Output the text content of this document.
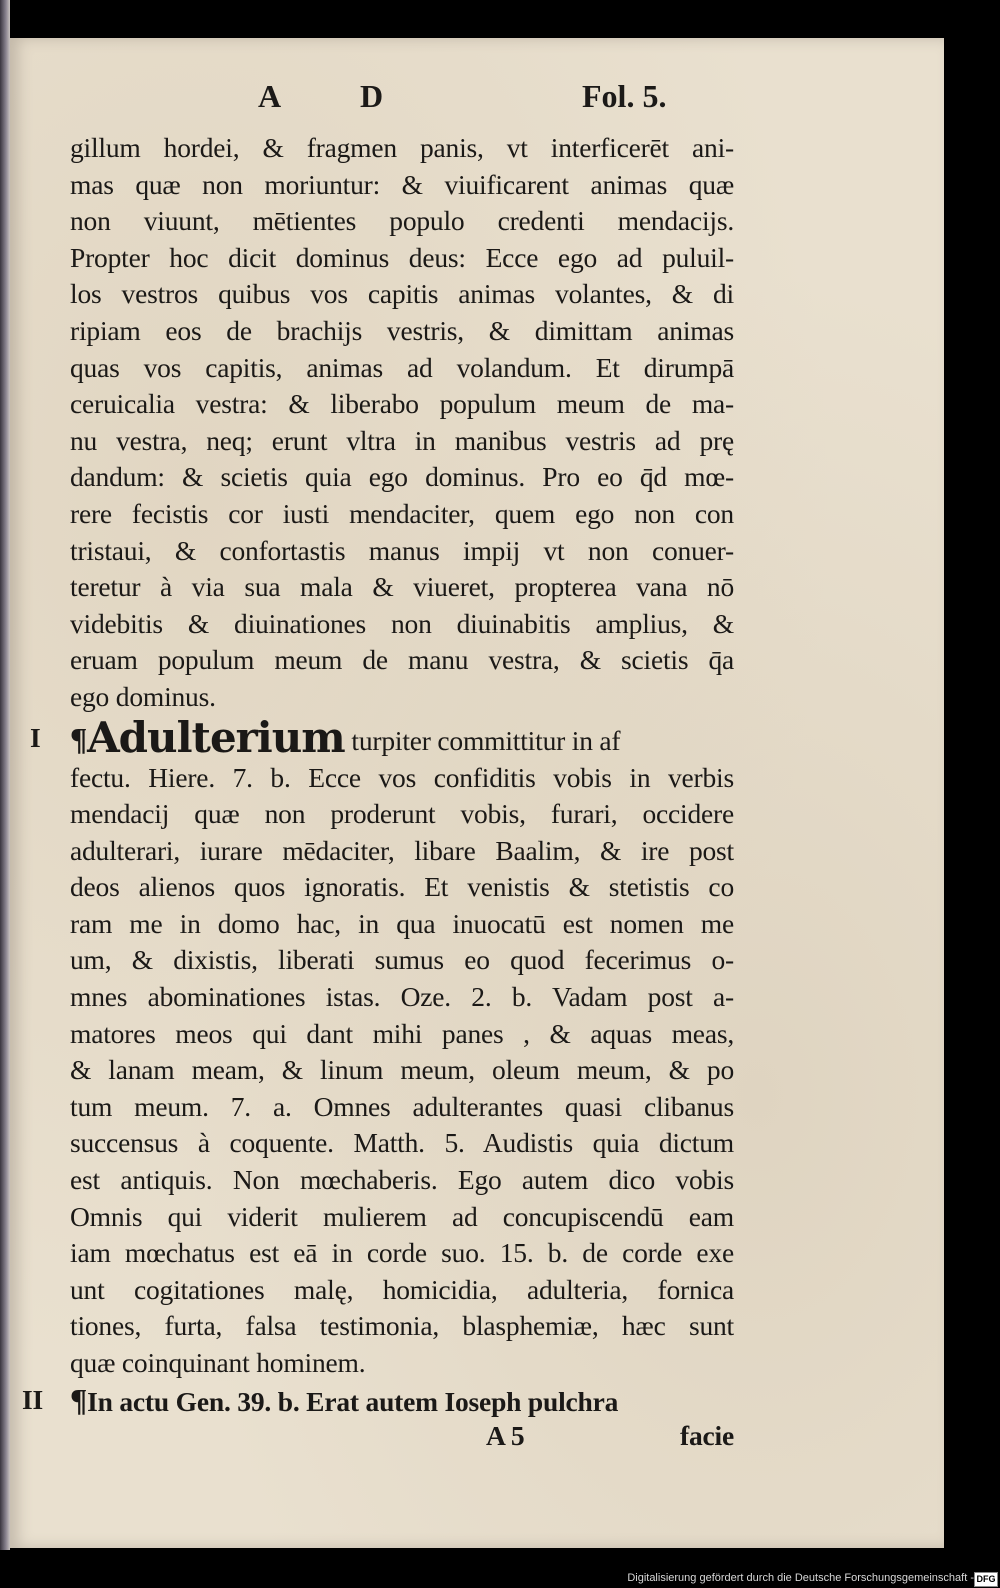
A D	Fol. 5.
gillum hordei, & fragmen panis, vt interficerēt ani-
mas quæ non moriuntur: & viuificarent animas quæ
non viuunt, mētientes populo credenti mendacijs.
Propter hoc dicit dominus deus: Ecce ego ad puluil-
los vestros quibus vos capitis animas volantes, & di
ripiam eos de brachijs vestris, & dimittam animas
quas vos capitis, animas ad volandum. Et dirumpā
ceruicalia vestra: & liberabo populum meum de ma-
nu vestra, neq; erunt vltra in manibus vestris ad prę
dandum: & scietis quia ego dominus. Pro eo q̄d mœ-
rere fecistis cor iusti mendaciter, quem ego non con
tristaui, & confortastis manus impij vt non conuer-
teretur à via sua mala & viueret, propterea vana nō
videbitis & diuinationes non diuinabitis amplius, &
eruam populum meum de manu vestra, & scietis q̄a
ego dominus.
I ¶Adulterium turpiter committitur in af
fectu. Hiere. 7. b. Ecce vos confiditis vobis in verbis
mendacij quæ non proderunt vobis, furari, occidere
adulterari, iurare mēdaciter, libare Baalim, & ire post
deos alienos quos ignoratis. Et venistis & stetistis co
ram me in domo hac, in qua inuocatū est nomen me
um, & dixistis, liberati sumus eo quod fecerimus o-
mnes abominationes istas. Oze. 2. b. Vadam post a-
matores meos qui dant mihi panes , & aquas meas,
& lanam meam, & linum meum, oleum meum, & po
tum meum. 7. a. Omnes adulterantes quasi clibanus
succensus à coquente. Matth. 5. Audistis quia dictum
est antiquis. Non mœchaberis. Ego autem dico vobis
Omnis qui viderit mulierem ad concupiscendū eam
iam mœchatus est eā in corde suo. 15. b. de corde exe
unt cogitationes malę, homicidia, adulteria, fornica
tiones, furta, falsa testimonia, blasphemiæ, hæc sunt
quæ coinquinant hominem.
II ¶In actu Gen. 39. b. Erat autem Ioseph pulchra
A 5	facie
Digitalisierung gefördert durch die Deutsche Forschungsgemeinschaft - DFG
